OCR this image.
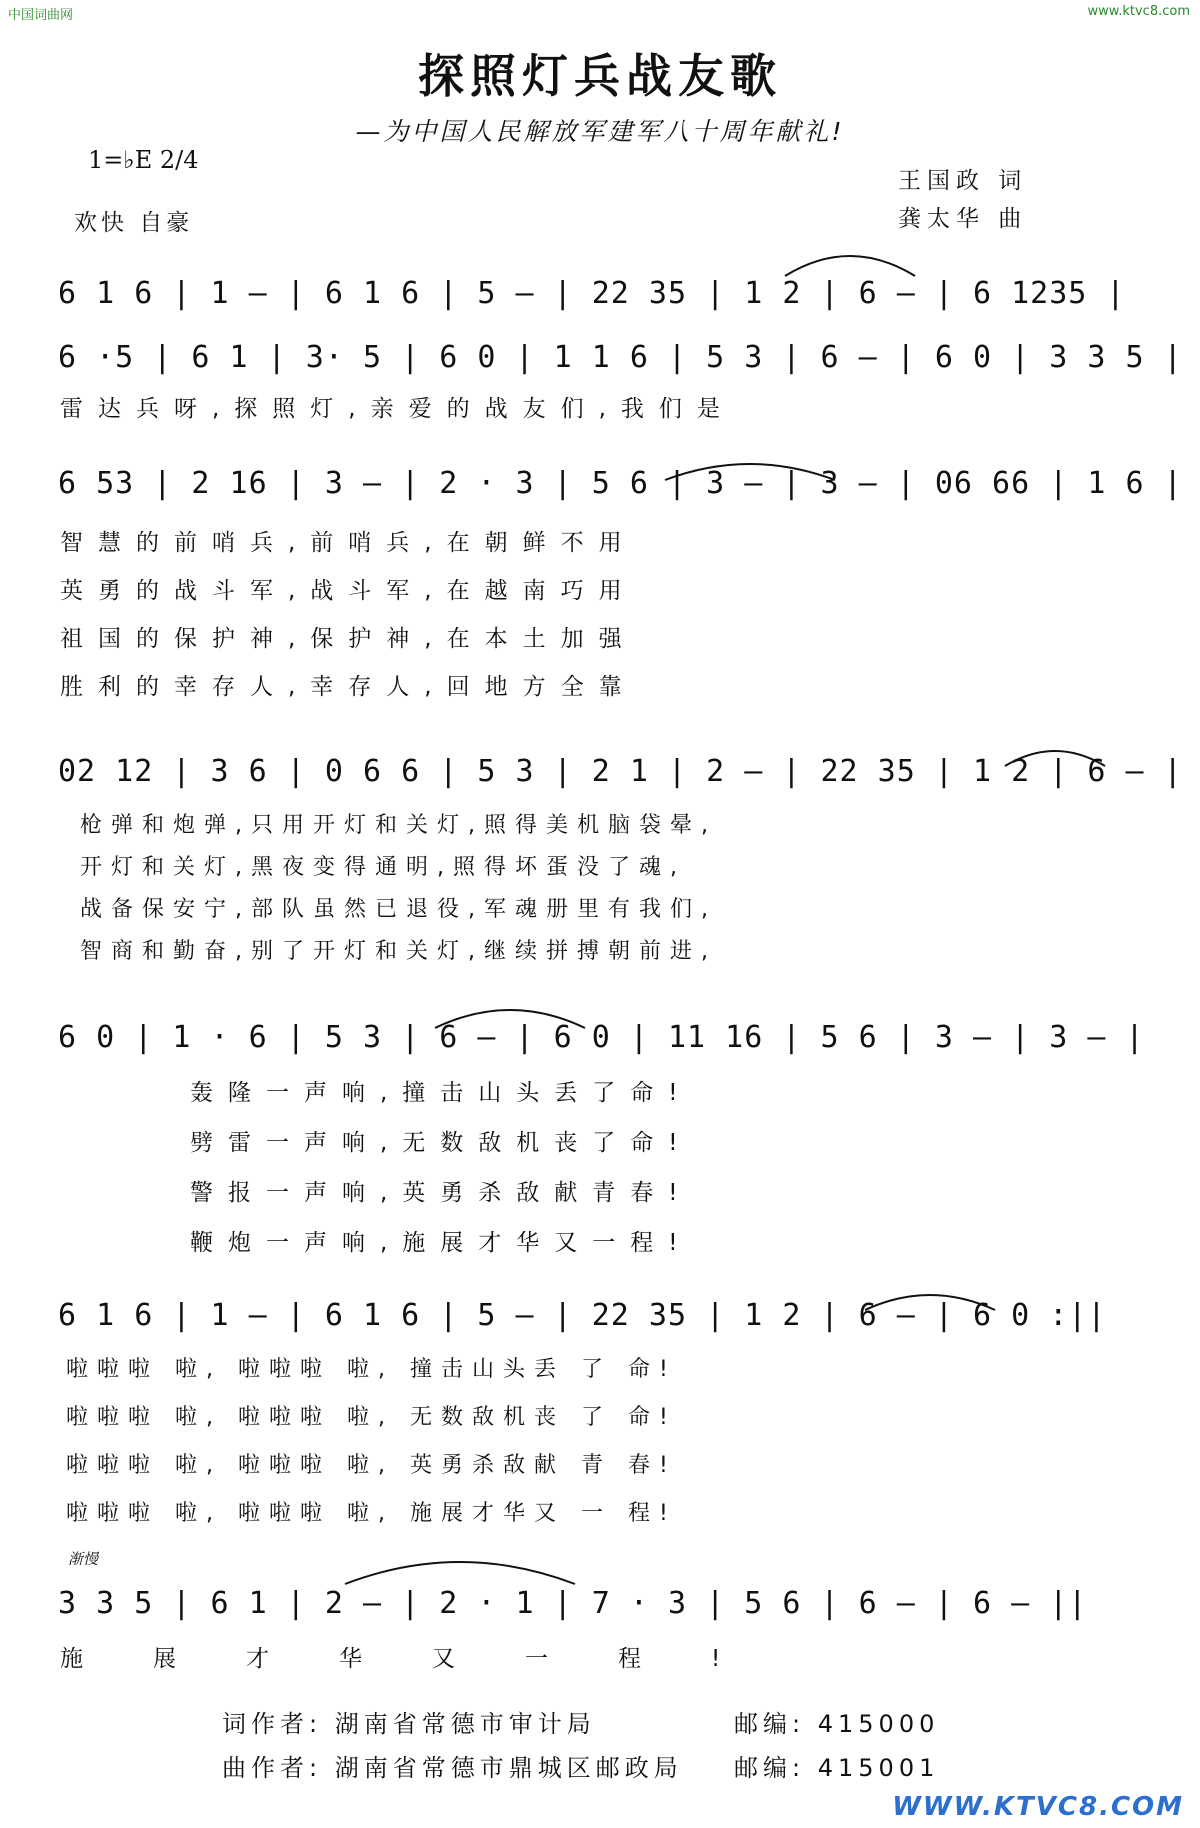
中国词曲网	www.ktvc8.com
探照灯兵战友歌
—为中国人民解放军建军八十周年献礼!
1=♭E 2/4
欢快 自豪
王国政 词
龚太华 曲
6 1 6 | 1 — | 6 1 6 | 5 — | 22 35 | 1 2 | 6 — | 6 1235 |
6 ·5 | 6 1 | 3· 5 | 6 0 | 1 1 6 | 5 3 | 6 — | 6 0 | 3 3 5 |
雷达兵呀,探照灯,亲爱的战友们,我们是
6 53 | 2 16 | 3 — | 2 · 3 | 5 6 | 3 — | 3 — | 06 66 | 1 6 |
智慧的前哨兵,前哨兵,在朝鲜不用
英勇的战斗军,战斗军,在越南巧用
祖国的保护神,保护神,在本土加强
胜利的幸存人,幸存人,回地方全靠
02 12 | 3 6 | 0 6 6 | 5 3 | 2 1 | 2 — | 22 35 | 1 2 | 6 — |
枪弹和炮弹,只用开灯和关灯,照得美机脑袋晕,
开灯和关灯,黑夜变得通明,照得坏蛋没了魂,
战备保安宁,部队虽然已退役,军魂册里有我们,
智商和勤奋,别了开灯和关灯,继续拼搏朝前进,
6 0 | 1 · 6 | 5 3 | 6 — | 6 0 | 11 16 | 5 6 | 3 — | 3 — |
轰隆一声响,撞击山头丢了命!
劈雷一声响,无数敌机丧了命!
警报一声响,英勇杀敌献青春!
鞭炮一声响,施展才华又一程!
6 1 6 | 1 — | 6 1 6 | 5 — | 22 35 | 1 2 | 6 — | 6 0 :||
啦啦啦 啦, 啦啦啦 啦, 撞击山头丢 了 命!
啦啦啦 啦, 啦啦啦 啦, 无数敌机丧 了 命!
啦啦啦 啦, 啦啦啦 啦, 英勇杀敌献 青 春!
啦啦啦 啦, 啦啦啦 啦, 施展才华又 一 程!
渐慢
3 3 5 | 6 1 | 2 — | 2 · 1 | 7 · 3 | 5 6 | 6 — | 6 — ||
施展才华又一程!
词作者: 湖南省常德市审计局	邮编: 415000
曲作者: 湖南省常德市鼎城区邮政局 邮编: 415001
WWW.KTVC8.COM
